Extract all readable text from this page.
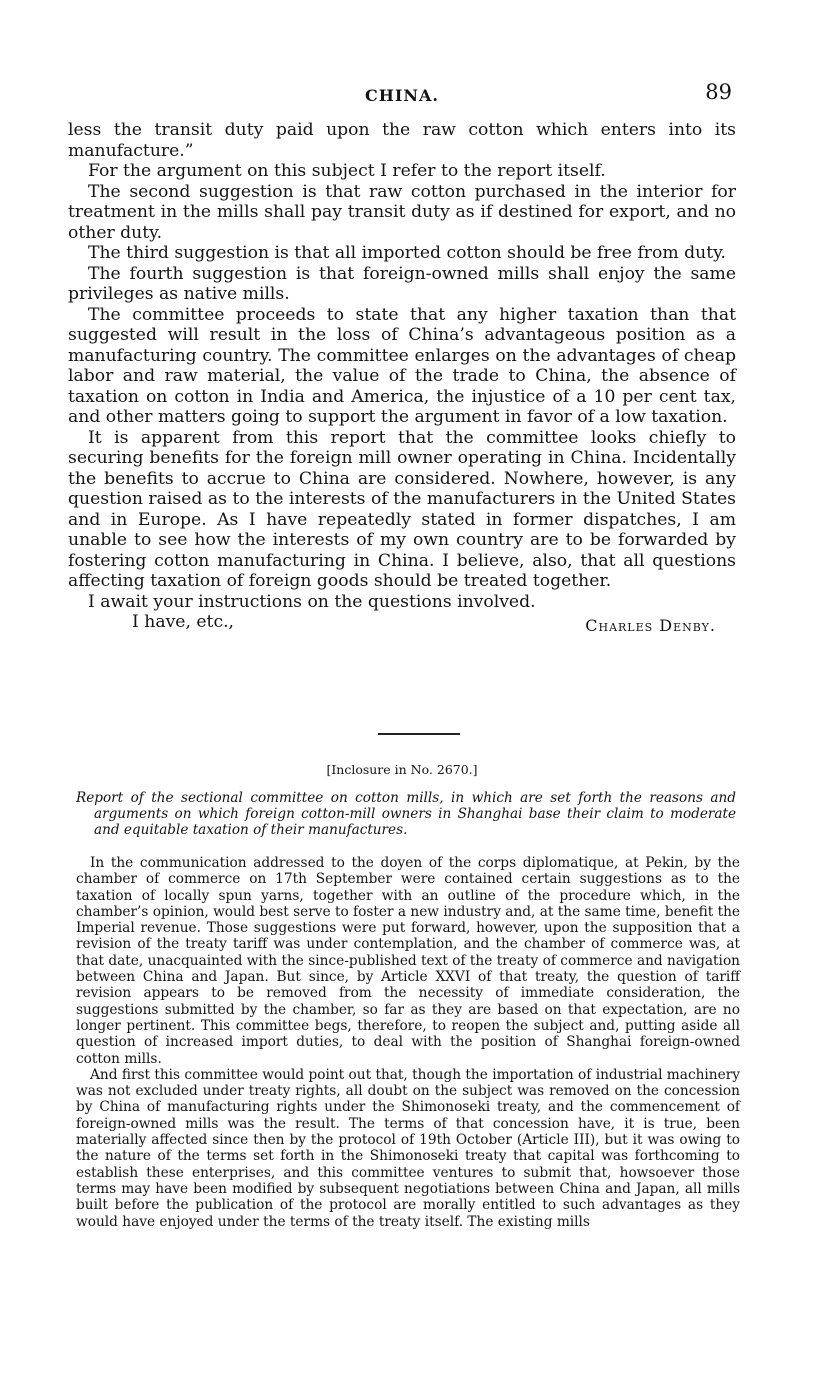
CHINA.	89

less the transit duty paid upon the raw cotton which enters into its manufacture.”

For the argument on this subject I refer to the report itself.

The second suggestion is that raw cotton purchased in the interior for treatment in the mills shall pay transit duty as if destined for export, and no other duty.

The third suggestion is that all imported cotton should be free from duty.

The fourth suggestion is that foreign-owned mills shall enjoy the same privileges as native mills.

The committee proceeds to state that any higher taxation than that suggested will result in the loss of China’s advantageous position as a manufacturing country. The committee enlarges on the advantages of cheap labor and raw material, the value of the trade to China, the absence of taxation on cotton in India and America, the injustice of a 10 per cent tax, and other matters going to support the argument in favor of a low taxation.

It is apparent from this report that the committee looks chiefly to securing benefits for the foreign mill owner operating in China. Incidentally the benefits to accrue to China are considered. Nowhere, however, is any question raised as to the interests of the manufacturers in the United States and in Europe. As I have repeatedly stated in former dispatches, I am unable to see how the interests of my own country are to be forwarded by fostering cotton manufacturing in China. I believe, also, that all questions affecting taxation of foreign goods should be treated together.

I await your instructions on the questions involved.

I have, etc.,	Charles Denby.
[Inclosure in No. 2670.]
Report of the sectional committee on cotton mills, in which are set forth the reasons and arguments on which foreign cotton-mill owners in Shanghai base their claim to moderate and equitable taxation of their manufactures.

In the communication addressed to the doyen of the corps diplomatique, at Pekin, by the chamber of commerce on 17th September were contained certain suggestions as to the taxation of locally spun yarns, together with an outline of the procedure which, in the chamber’s opinion, would best serve to foster a new industry and, at the same time, benefit the Imperial revenue. Those suggestions were put forward, however, upon the supposition that a revision of the treaty tariff was under contemplation, and the chamber of commerce was, at that date, unacquainted with the since-published text of the treaty of commerce and navigation between China and Japan. But since, by Article XXVI of that treaty, the question of tariff revision appears to be removed from the necessity of immediate consideration, the suggestions submitted by the chamber, so far as they are based on that expectation, are no longer pertinent. This committee begs, therefore, to reopen the subject and, putting aside all question of increased import duties, to deal with the position of Shanghai foreign-owned cotton mills.

And first this committee would point out that, though the importation of industrial machinery was not excluded under treaty rights, all doubt on the subject was removed on the concession by China of manufacturing rights under the Shimonoseki treaty, and the commencement of foreign-owned mills was the result. The terms of that concession have, it is true, been materially affected since then by the protocol of 19th October (Article III), but it was owing to the nature of the terms set forth in the Shimonoseki treaty that capital was forthcoming to establish these enterprises, and this committee ventures to submit that, howsoever those terms may have been modified by subsequent negotiations between China and Japan, all mills built before the publication of the protocol are morally entitled to such advantages as they would have enjoyed under the terms of the treaty itself. The existing mills
